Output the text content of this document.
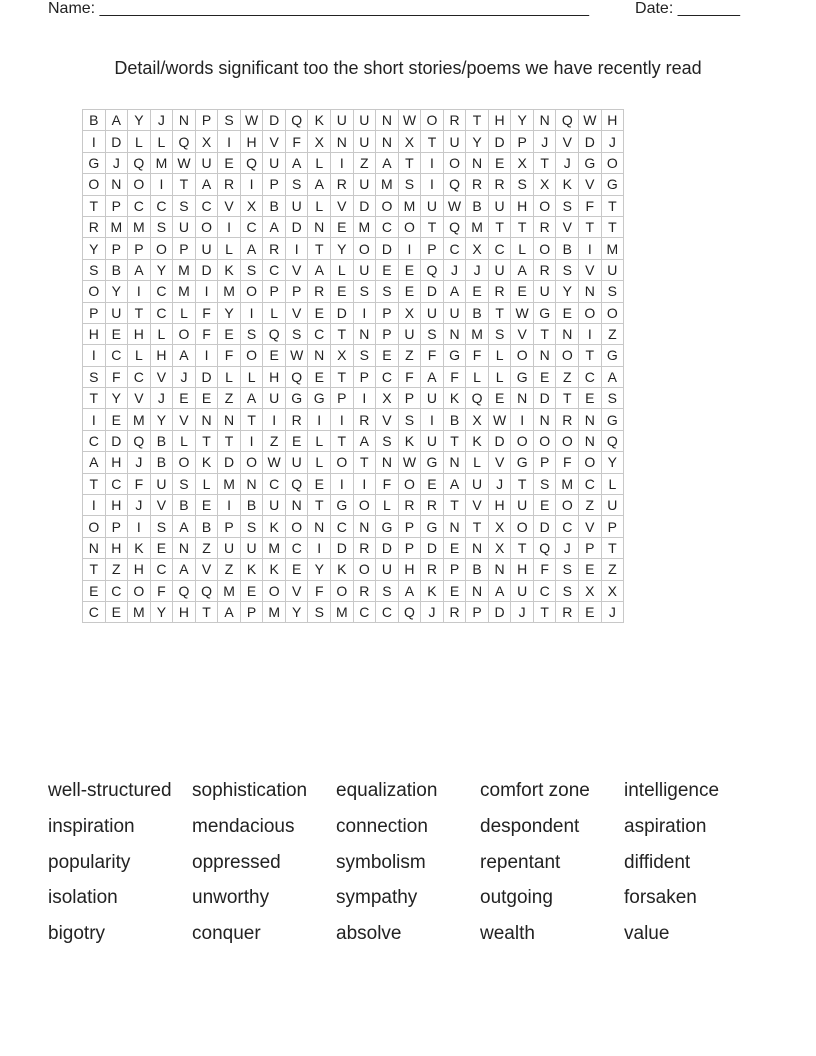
Name: _______________________________________________________	Date: _______
Detail/words significant too the short stories/poems we have recently read
B	A	Y	J	N	P	S	W	D	Q	K	U	U	N	W	O	R	T	H	Y	N	Q	W	H
I	D	L	L	Q	X	I	H	V	F	X	N	U	N	X	T	U	Y	D	P	J	V	D	J
G	J	Q	M	W	U	E	Q	U	A	L	I	Z	A	T	I	O	N	E	X	T	J	G	O
O	N	O	I	T	A	R	I	P	S	A	R	U	M	S	I	Q	R	R	S	X	K	V	G
T	P	C	C	S	C	V	X	B	U	L	V	D	O	M	U	W	B	U	H	O	S	F	T
R	M	M	S	U	O	I	C	A	D	N	E	M	C	O	T	Q	M	T	T	R	V	T	T
Y	P	P	O	P	U	L	A	R	I	T	Y	O	D	I	P	C	X	C	L	O	B	I	M
S	B	A	Y	M	D	K	S	C	V	A	L	U	E	E	Q	J	J	U	A	R	S	V	U
O	Y	I	C	M	I	M	O	P	P	R	E	S	S	E	D	A	E	R	E	U	Y	N	S
P	U	T	C	L	F	Y	I	L	V	E	D	I	P	X	U	U	B	T	W	G	E	O	O
H	E	H	L	O	F	E	S	Q	S	C	T	N	P	U	S	N	M	S	V	T	N	I	Z
I	C	L	H	A	I	F	O	E	W	N	X	S	E	Z	F	G	F	L	O	N	O	T	G
S	F	C	V	J	D	L	L	H	Q	E	T	P	C	F	A	F	L	L	G	E	Z	C	A
T	Y	V	J	E	E	Z	A	U	G	G	P	I	X	P	U	K	Q	E	N	D	T	E	S
I	E	M	Y	V	N	N	T	I	R	I	I	R	V	S	I	B	X	W	I	N	R	N	G
C	D	Q	B	L	T	T	I	Z	E	L	T	A	S	K	U	T	K	D	O	O	O	N	Q
A	H	J	B	O	K	D	O	W	U	L	O	T	N	W	G	N	L	V	G	P	F	O	Y
T	C	F	U	S	L	M	N	C	Q	E	I	I	F	O	E	A	U	J	T	S	M	C	L
I	H	J	V	B	E	I	B	U	N	T	G	O	L	R	R	T	V	H	U	E	O	Z	U
O	P	I	S	A	B	P	S	K	O	N	C	N	G	P	G	N	T	X	O	D	C	V	P
N	H	K	E	N	Z	U	U	M	C	I	D	R	D	P	D	E	N	X	T	Q	J	P	T
T	Z	H	C	A	V	Z	K	K	E	Y	K	O	U	H	R	P	B	N	H	F	S	E	Z
E	C	O	F	Q	Q	M	E	O	V	F	O	R	S	A	K	E	N	A	U	C	S	X	X
C	E	M	Y	H	T	A	P	M	Y	S	M	C	C	Q	J	R	P	D	J	T	R	E	J
well-structured	sophistication	equalization	comfort zone	intelligence
inspiration	mendacious	connection	despondent	aspiration
popularity	oppressed	symbolism	repentant	diffident
isolation	unworthy	sympathy	outgoing	forsaken
bigotry	conquer	absolve	wealth	value
